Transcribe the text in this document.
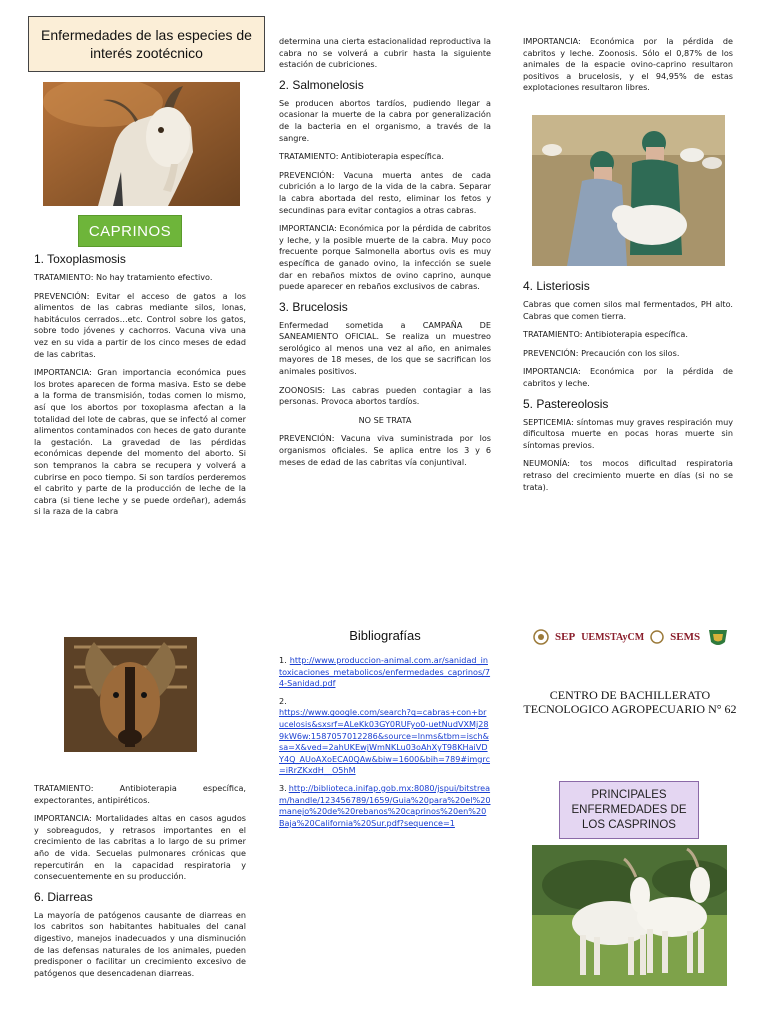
Enfermedades de las especies de interés zootécnico
CAPRINOS

1. Toxoplasmosis

TRATAMIENTO: No hay tratamiento efectivo.

PREVENCIÓN: Evitar el acceso de gatos a los alimentos de las cabras mediante silos, lonas, habitáculos cerrados…etc. Control sobre los gatos, sobre todo jóvenes y cachorros. Vacuna viva una vez en su vida a partir de los cinco meses de edad de las cabritas.

IMPORTANCIA: Gran importancia económica pues los brotes aparecen de forma masiva. Esto se debe a la forma de transmisión, todas comen lo mismo, así que los abortos por toxoplasma afectan a la totalidad del lote de cabras, que se infectó al comer alimentos contaminados con heces de gato durante la gestación. La gravedad de las pérdidas económicas depende del momento del aborto. Si son tempranos la cabra se recupera y volverá a cubrirse en poco tiempo. Si son tardíos perderemos el cabrito y parte de la producción de leche de la cabra (si tiene leche y se puede ordeñar), además si la raza de la cabra

TRATAMIENTO: Antibioterapia específica, expectorantes, antipiréticos.

IMPORTANCIA: Mortalidades altas en casos agudos y sobreagudos, y retrasos importantes en el crecimiento de las cabritas a lo largo de su primer año de vida. Secuelas pulmonares crónicas que repercutirán en la capacidad respiratoria y consecuentemente en su producción.

6. Diarreas

La mayoría de patógenos causante de diarreas en los cabritos son habitantes habituales del canal digestivo, manejos inadecuados y una disminución de las defensas naturales de los animales, pueden predisponer o facilitar un crecimiento excesivo de patógenos que desencadenan diarreas.

determina una cierta estacionalidad reproductiva la cabra no se volverá a cubrir hasta la siguiente estación de cubriciones.

2. Salmonelosis

Se producen abortos tardíos, pudiendo llegar a ocasionar la muerte de la cabra por generalización de la bacteria en el organismo, a través de la sangre.

TRATAMIENTO: Antibioterapia específica.

PREVENCIÓN: Vacuna muerta antes de cada cubrición a lo largo de la vida de la cabra. Separar la cabra abortada del resto, eliminar los fetos y secundinas para evitar contagios a otras cabras.

IMPORTANCIA: Económica por la pérdida de cabritos y leche, y la posible muerte de la cabra. Muy poco frecuente porque Salmonella abortus ovis es muy específica de ganado ovino, la infección se suele dar en rebaños mixtos de ovino caprino, aunque puede aparecer en rebaños exclusivos de cabras.

3. Brucelosis

Enfermedad sometida a CAMPAÑA DE SANEAMIENTO OFICIAL. Se realiza un muestreo serológico al menos una vez al año, en animales mayores de 18 meses, de los que se sacrifican los animales positivos.

ZOONOSIS: Las cabras pueden contagiar a las personas. Provoca abortos tardíos.

NO SE TRATA

PREVENCIÓN: Vacuna viva suministrada por los organismos oficiales. Se aplica entre los 3 y 6 meses de edad de las cabritas vía conjuntival.

Bibliografías

1. http://www.produccion-animal.com.ar/sanidad_intoxicaciones_metabolicos/enfermedades_caprinos/74-Sanidad.pdf
2.
https://www.google.com/search?q=cabras+con+brucelosis&sxsrf=ALeKk03GY0RUFyo0-uetNudVXMj289kW6w:1587057012286&source=lnms&tbm=isch&sa=X&ved=2ahUKEwjWmNKLu03oAhXyT98KHaiVDY4Q_AUoAXoECA0QAw&biw=1600&bih=789#imgrc=iRrZKxdH__O5hM
3. http://biblioteca.inifap.gob.mx:8080/jspui/bitstream/handle/123456789/1659/Guia%20para%20el%20manejo%20de%20rebanos%20caprinos%20en%20Baja%20California%20Sur.pdf?sequence=1

IMPORTANCIA: Económica por la pérdida de cabritos y leche. Zoonosis. Sólo el 0,87% de los animales de la espacie ovino-caprino resultaron positivos a brucelosis, y el 94,95% de estas explotaciones resultaron libres.

4. Listeriosis

Cabras que comen silos mal fermentados, PH alto. Cabras que comen tierra.

TRATAMIENTO: Antibioterapia específica.

PREVENCIÓN: Precaución con los silos.

IMPORTANCIA: Económica por la pérdida de cabritos y leche.

5. Pastereolosis

SEPTICEMIA: síntomas muy graves respiración muy dificultosa muerte en pocas horas muerte sin síntomas previos.

NEUMONÍA: tos mocos dificultad respiratoria retraso del crecimiento muerte en días (si no se trata).

SEP UEMSTAyCM SEMS
CENTRO DE BACHILLERATO TECNOLOGICO AGROPECUARIO N° 62
PRINCIPALES ENFERMEDADES DE LOS CASPRINOS
